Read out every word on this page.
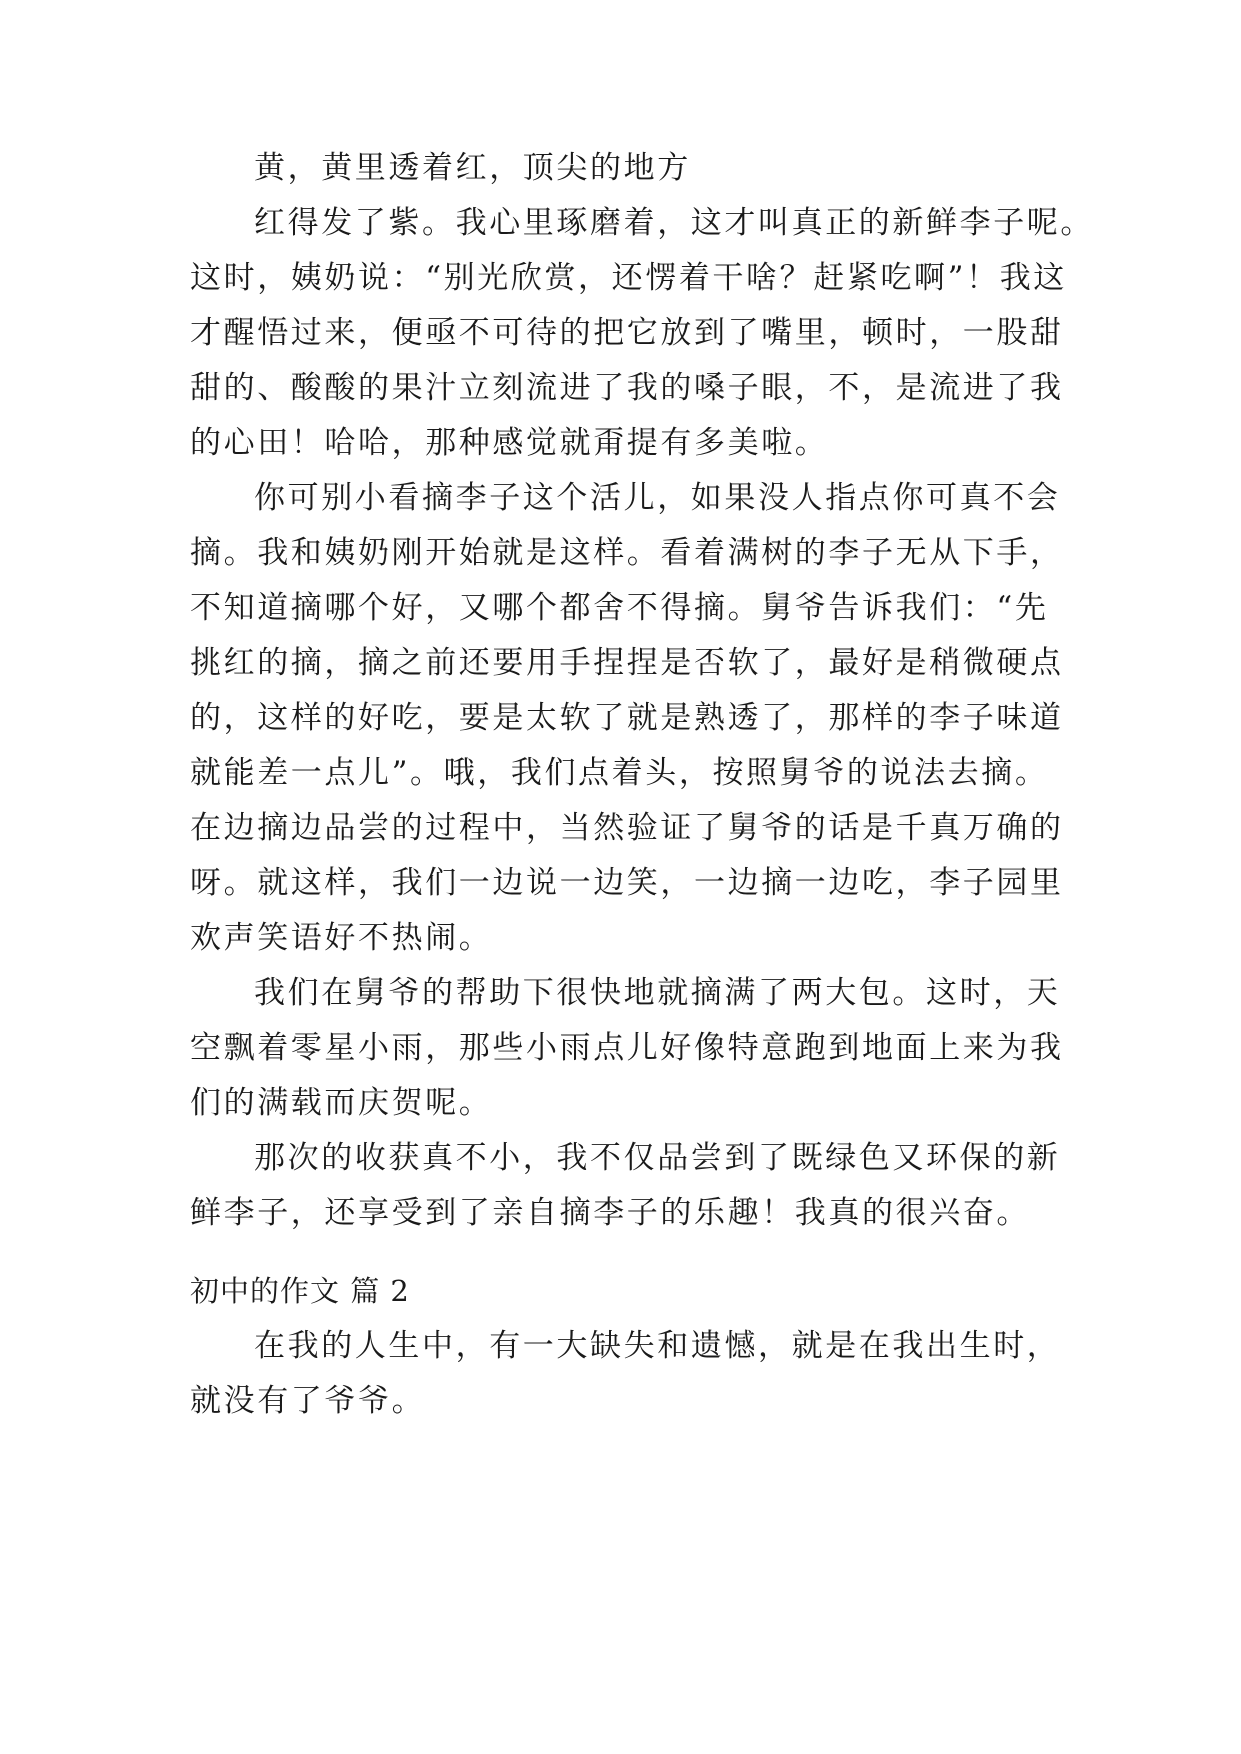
黄，黄里透着红，顶尖的地方
红得发了紫。我心里琢磨着，这才叫真正的新鲜李子呢。
这时，姨奶说：“别光欣赏，还愣着干啥？赶紧吃啊”！我这
才醒悟过来，便亟不可待的把它放到了嘴里，顿时，一股甜
甜的、酸酸的果汁立刻流进了我的嗓子眼，不，是流进了我
的心田！哈哈，那种感觉就甭提有多美啦。
你可别小看摘李子这个活儿，如果没人指点你可真不会
摘。我和姨奶刚开始就是这样。看着满树的李子无从下手，
不知道摘哪个好，又哪个都舍不得摘。舅爷告诉我们：“先
挑红的摘，摘之前还要用手捏捏是否软了，最好是稍微硬点
的，这样的好吃，要是太软了就是熟透了，那样的李子味道
就能差一点儿”。哦，我们点着头，按照舅爷的说法去摘。
在边摘边品尝的过程中，当然验证了舅爷的话是千真万确的
呀。就这样，我们一边说一边笑，一边摘一边吃，李子园里
欢声笑语好不热闹。
我们在舅爷的帮助下很快地就摘满了两大包。这时，天
空飘着零星小雨，那些小雨点儿好像特意跑到地面上来为我
们的满载而庆贺呢。
那次的收获真不小，我不仅品尝到了既绿色又环保的新
鲜李子，还享受到了亲自摘李子的乐趣！我真的很兴奋。
初中的作文 篇 2
在我的人生中，有一大缺失和遗憾，就是在我出生时，
就没有了爷爷。
